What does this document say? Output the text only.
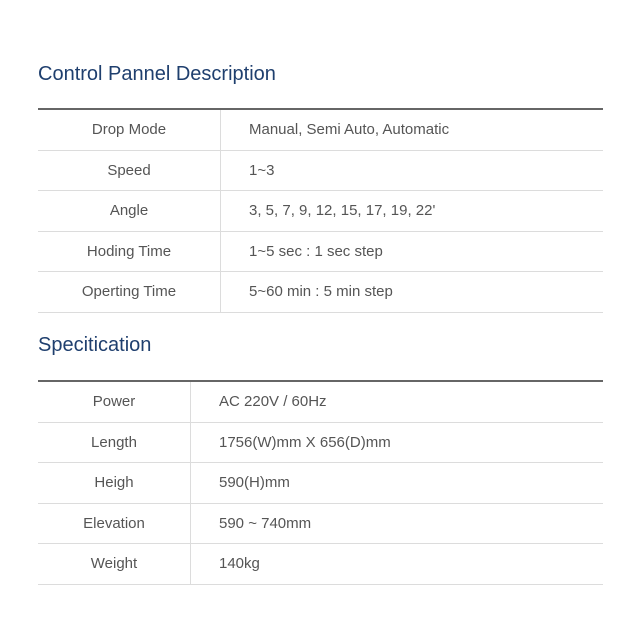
Control Pannel Description
Drop Mode	Manual, Semi Auto, Automatic
Speed	1~3
Angle	3, 5, 7, 9, 12, 15, 17, 19, 22'
Hoding Time	1~5 sec : 1 sec step
Operting Time	5~60 min : 5 min step
Specitication
Power	AC 220V / 60Hz
Length	1756(W)mm X 656(D)mm
Heigh	590(H)mm
Elevation	590 ~ 740mm
Weight	140kg
